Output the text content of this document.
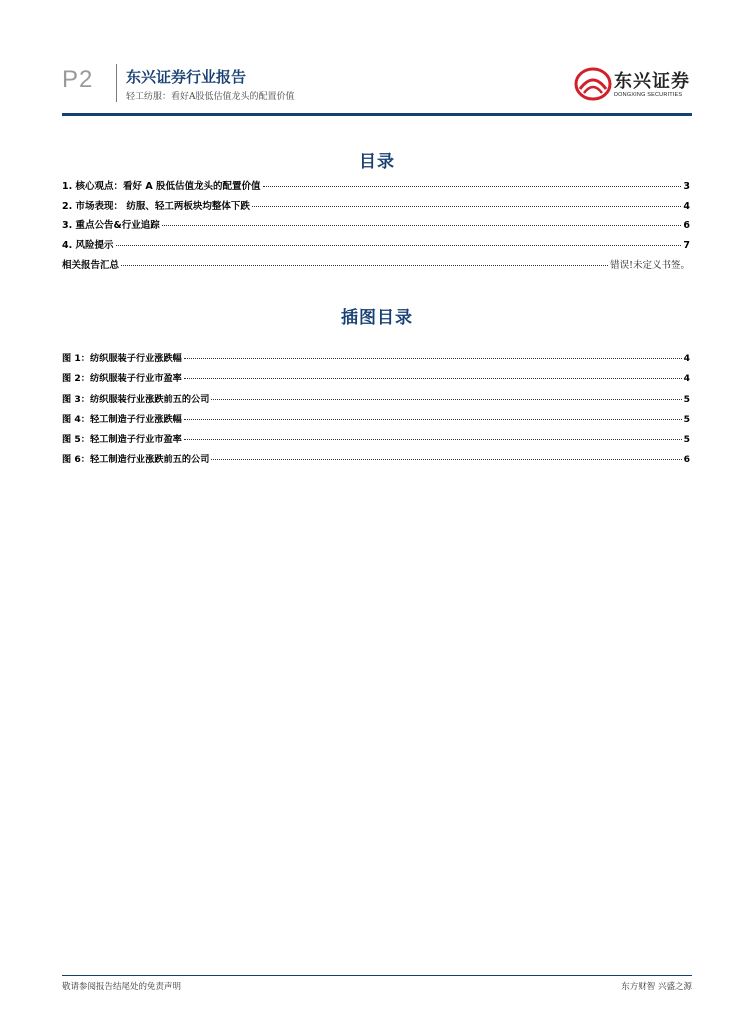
P2 东兴证券行业报告
轻工纺服：看好A股低估值龙头的配置价值
东兴证券
DONGXING SECURITIES
目录
1. 核心观点：看好 A 股低估值龙头的配置价值	3
2. 市场表现： 纺服、轻工两板块均整体下跌	4
3. 重点公告&行业追踪	6
4. 风险提示	7
相关报告汇总	错误!未定义书签。
插图目录
图 1：纺织服装子行业涨跌幅	4
图 2：纺织服装子行业市盈率	4
图 3：纺织服装行业涨跌前五的公司	5
图 4：轻工制造子行业涨跌幅	5
图 5：轻工制造子行业市盈率	5
图 6：轻工制造行业涨跌前五的公司	6
敬请参阅报告结尾处的免责声明	东方财智 兴盛之源
